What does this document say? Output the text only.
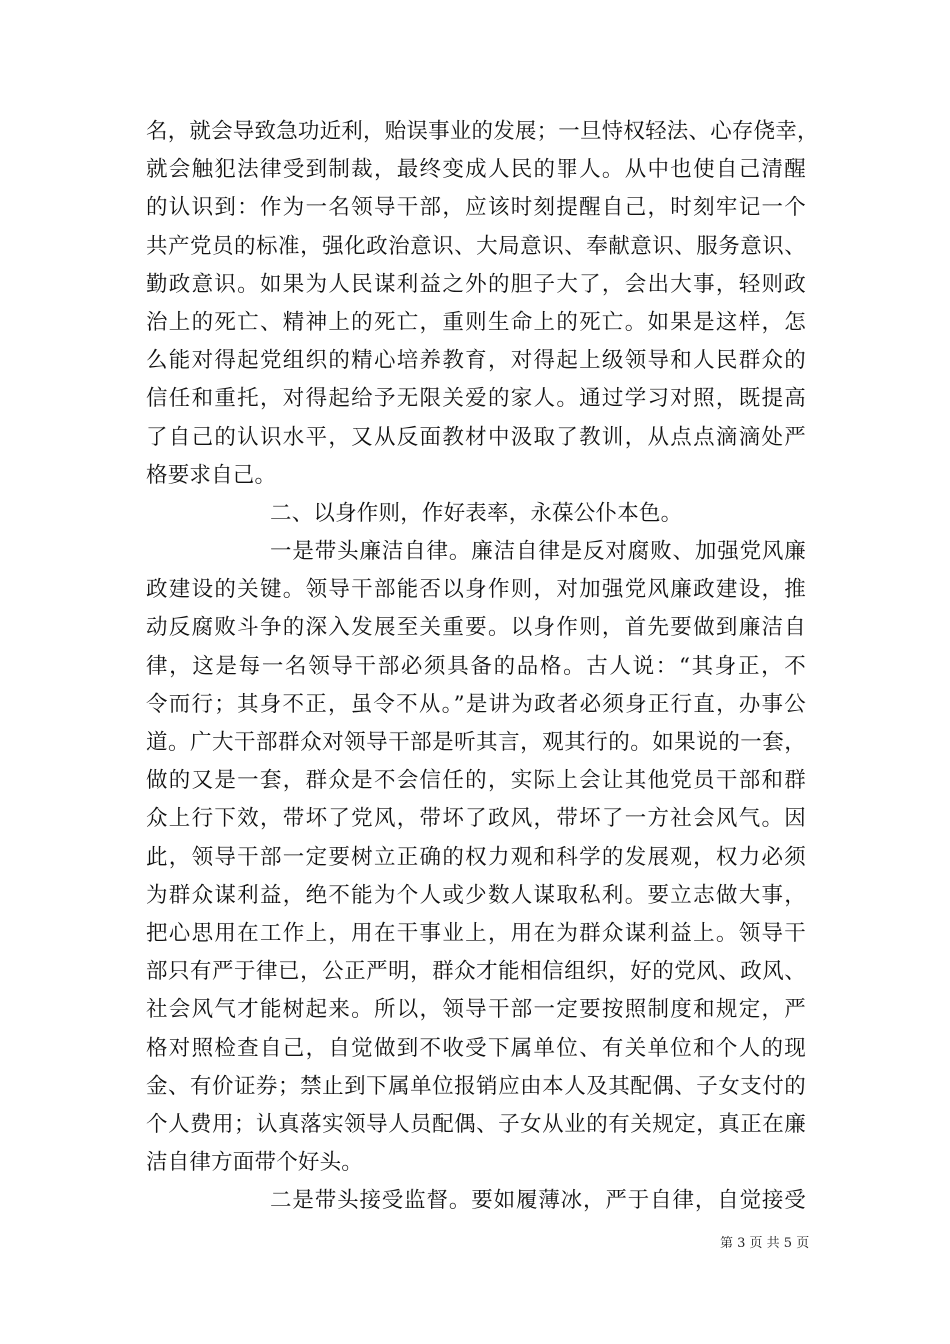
名，就会导致急功近利，贻误事业的发展；一旦恃权轻法、心存侥幸，
就会触犯法律受到制裁，最终变成人民的罪人。从中也使自己清醒
的认识到：作为一名领导干部，应该时刻提醒自己，时刻牢记一个
共产党员的标准，强化政治意识、大局意识、奉献意识、服务意识、
勤政意识。如果为人民谋利益之外的胆子大了，会出大事，轻则政
治上的死亡、精神上的死亡，重则生命上的死亡。如果是这样，怎
么能对得起党组织的精心培养教育，对得起上级领导和人民群众的
信任和重托，对得起给予无限关爱的家人。通过学习对照，既提高
了自己的认识水平，又从反面教材中汲取了教训，从点点滴滴处严
格要求自己。
二、以身作则，作好表率，永葆公仆本色。
一是带头廉洁自律。廉洁自律是反对腐败、加强党风廉
政建设的关键。领导干部能否以身作则，对加强党风廉政建设，推
动反腐败斗争的深入发展至关重要。以身作则，首先要做到廉洁自
律，这是每一名领导干部必须具备的品格。古人说：“其身正，不
令而行；其身不正，虽令不从。”是讲为政者必须身正行直，办事公
道。广大干部群众对领导干部是听其言，观其行的。如果说的一套，
做的又是一套，群众是不会信任的，实际上会让其他党员干部和群
众上行下效，带坏了党风，带坏了政风，带坏了一方社会风气。因
此，领导干部一定要树立正确的权力观和科学的发展观，权力必须
为群众谋利益，绝不能为个人或少数人谋取私利。要立志做大事，
把心思用在工作上，用在干事业上，用在为群众谋利益上。领导干
部只有严于律已，公正严明，群众才能相信组织，好的党风、政风、
社会风气才能树起来。所以，领导干部一定要按照制度和规定，严
格对照检查自己，自觉做到不收受下属单位、有关单位和个人的现
金、有价证券；禁止到下属单位报销应由本人及其配偶、子女支付的
个人费用；认真落实领导人员配偶、子女从业的有关规定，真正在廉
洁自律方面带个好头。
二是带头接受监督。要如履薄冰，严于自律，自觉接受
第 3 页 共 5 页
